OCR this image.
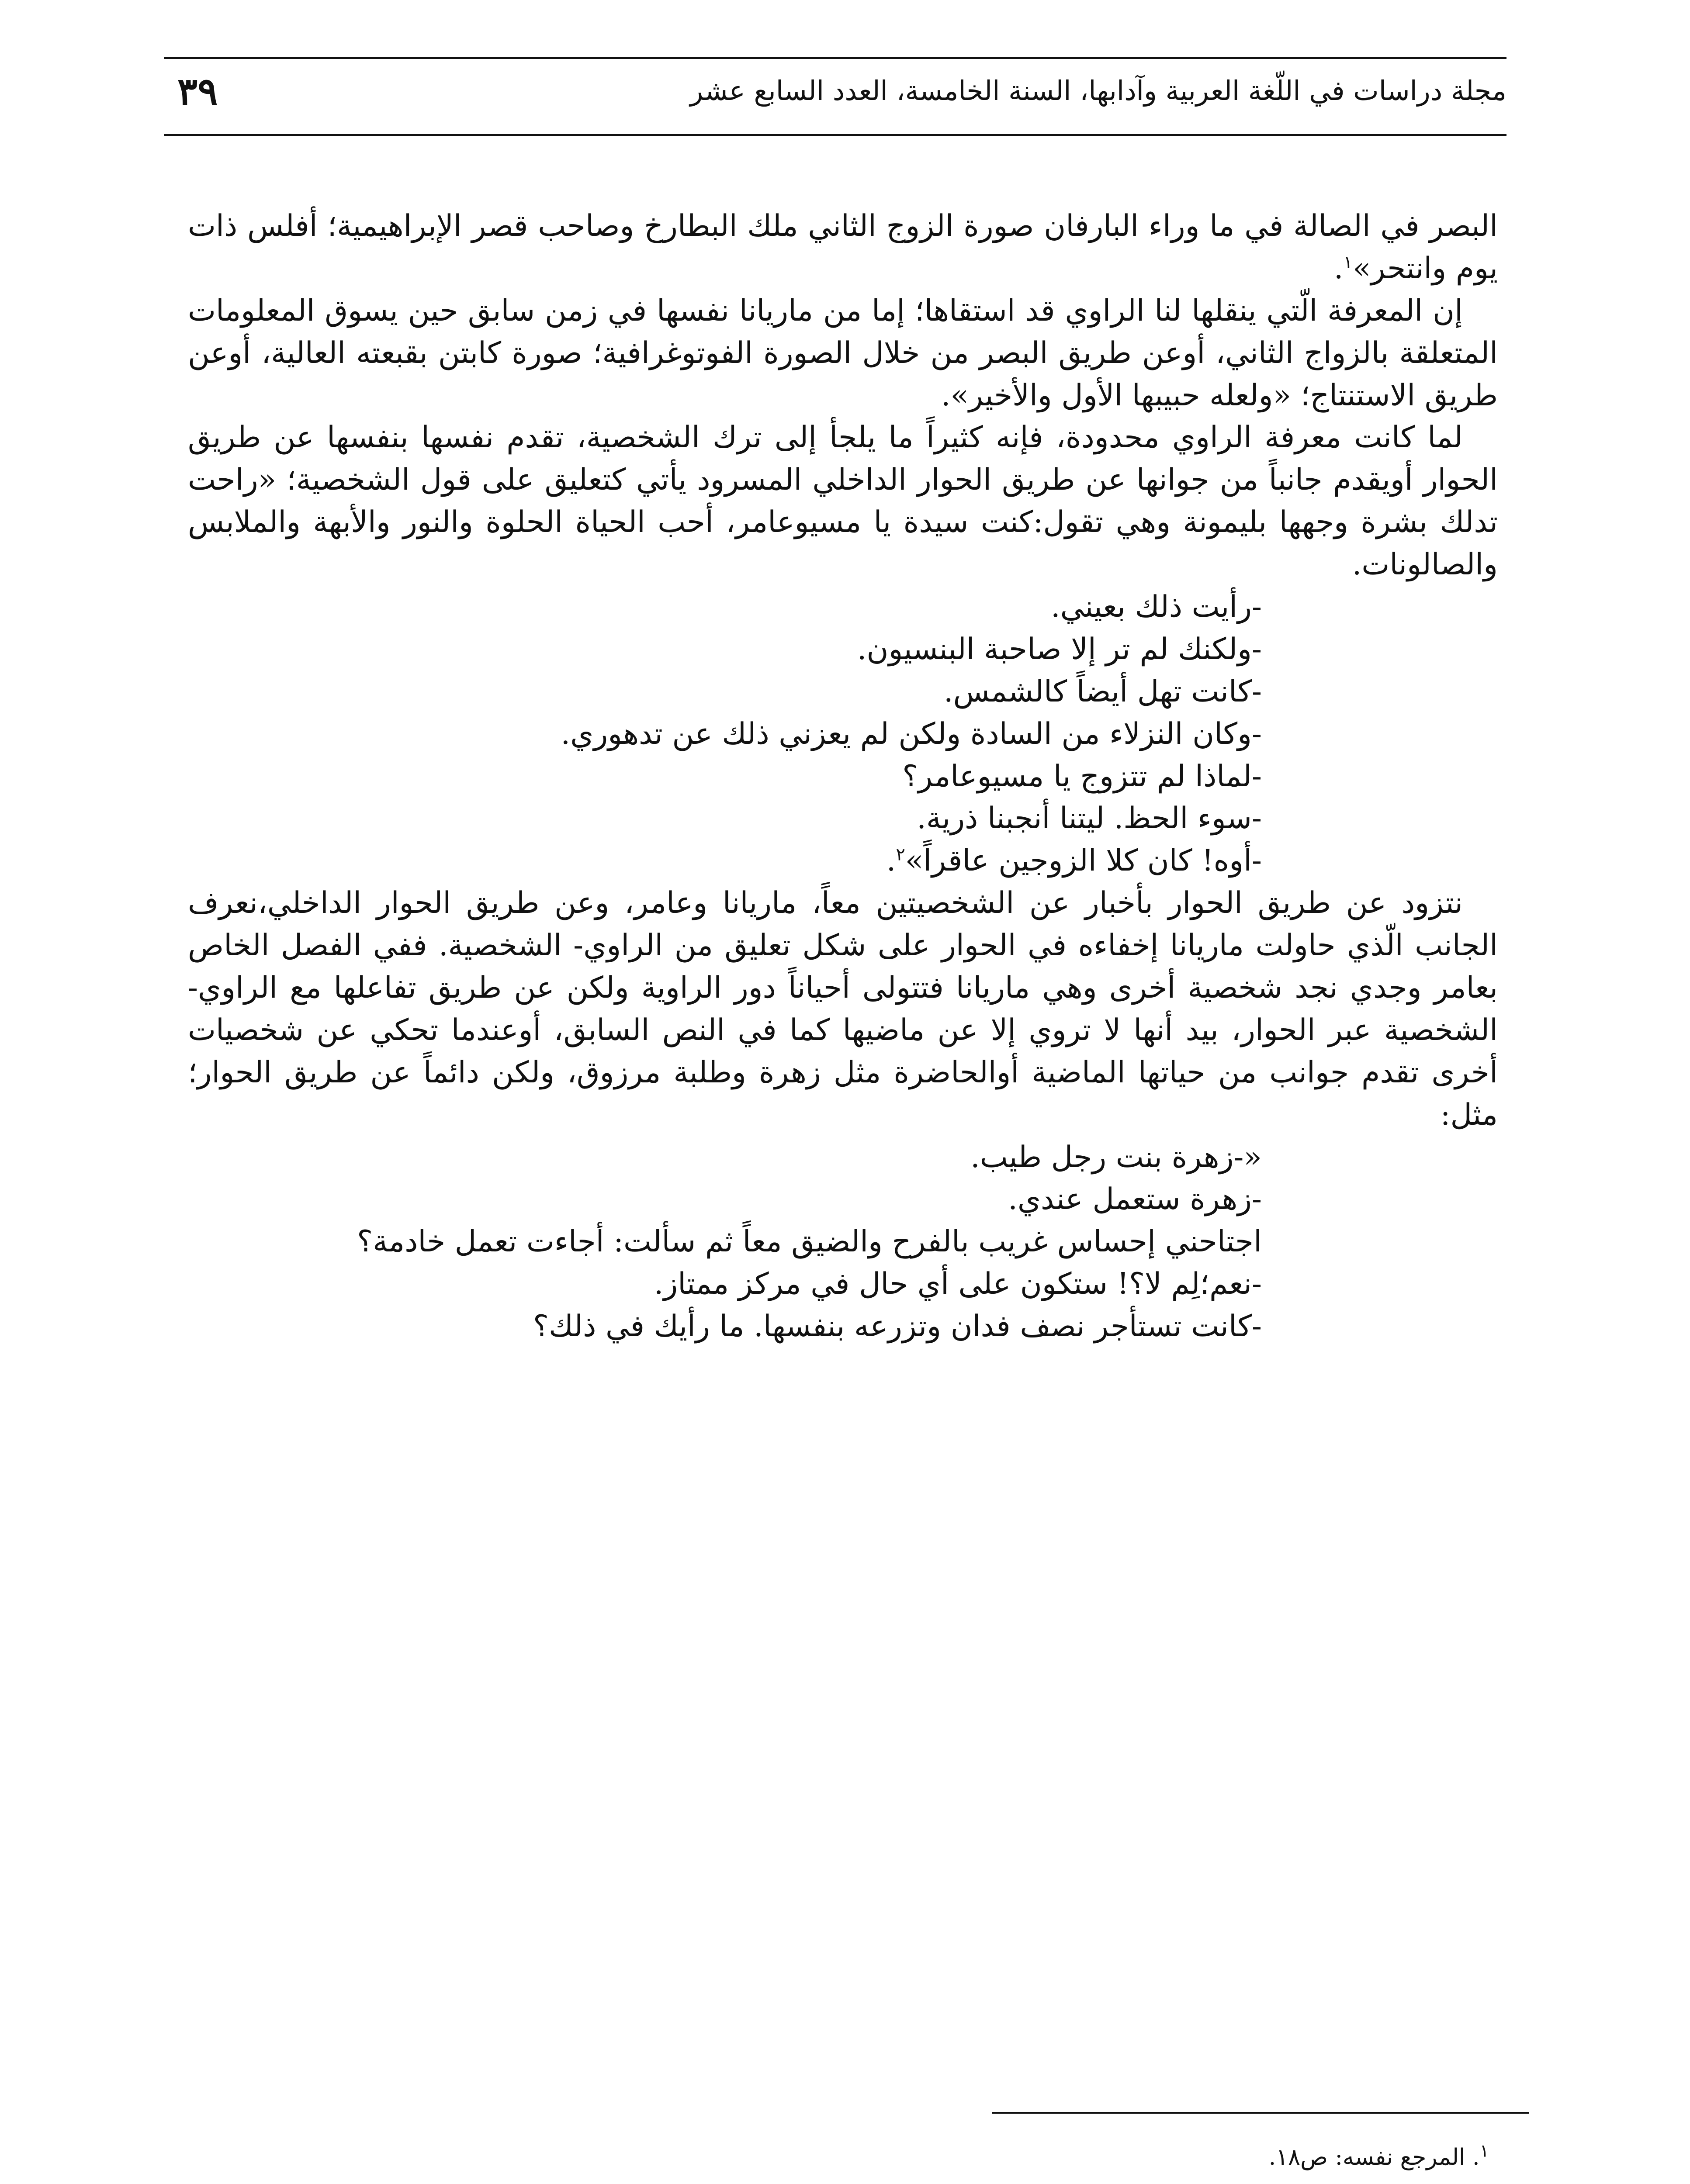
مجلة دراسات في اللّغة العربية وآدابها، السنة الخامسة، العدد السابع عشر
٣٩

البصر في الصالة في ما وراء البارفان صورة الزوج الثاني ملك البطارخ وصاحب قصر الإبراهيمية؛ أفلس ذات يوم وانتحر»$^١$.

إن المعرفة الّتي ينقلها لنا الراوي قد استقاها؛ إما من ماريانا نفسها في زمن سابق حين يسوق المعلومات المتعلقة بالزواج الثاني، أوعن طريق البصر من خلال الصورة الفوتوغرافية؛ صورة كابتن بقبعته العالية، أوعن طريق الاستنتاج؛ «ولعله حبيبها الأول والأخير».

لما كانت معرفة الراوي محدودة، فإنه كثيراً ما يلجأ إلى ترك الشخصية، تقدم نفسها بنفسها عن طريق الحوار أويقدم جانباً من جوانها عن طريق الحوار الداخلي المسرود يأتي كتعليق على قول الشخصية؛ «راحت تدلك بشرة وجهها بليمونة وهي تقول:كنت سيدة يا مسيوعامر، أحب الحياة الحلوة والنور والأبهة والملابس والصالونات.

-رأيت ذلك بعيني.

-ولكنك لم تر إلا صاحبة البنسيون.

-كانت تهل أيضاً كالشمس.

-وكان النزلاء من السادة ولكن لم يعزني ذلك عن تدهوري.

-لماذا لم تتزوج يا مسيوعامر؟

-سوء الحظ. ليتنا أنجبنا ذرية.

-أوه! كان كلا الزوجين عاقراً»$^٢$.

نتزود عن طريق الحوار بأخبار عن الشخصيتين معاً، ماريانا وعامر، وعن طريق الحوار الداخلي،نعرف الجانب الّذي حاولت ماريانا إخفاءه في الحوار على شكل تعليق من الراوي- الشخصية. ففي الفصل الخاص بعامر وجدي نجد شخصية أخرى وهي ماريانا فتتولى أحياناً دور الراوية ولكن عن طريق تفاعلها مع الراوي- الشخصية عبر الحوار، بيد أنها لا تروي إلا عن ماضيها كما في النص السابق، أوعندما تحكي عن شخصيات أخرى تقدم جوانب من حياتها الماضية أوالحاضرة مثل زهرة وطلبة مرزوق، ولكن دائماً عن طريق الحوار؛ مثل:

«-زهرة بنت رجل طيب.

-زهرة ستعمل عندي.

اجتاحني إحساس غريب بالفرح والضيق معاً ثم سألت: أجاءت تعمل خادمة؟

-نعم؛لِم لا؟! ستكون على أي حال في مركز ممتاز.

-كانت تستأجر نصف فدان وتزرعه بنفسها. ما رأيك في ذلك؟

$^١$. المرجع نفسه: ص١٨.
